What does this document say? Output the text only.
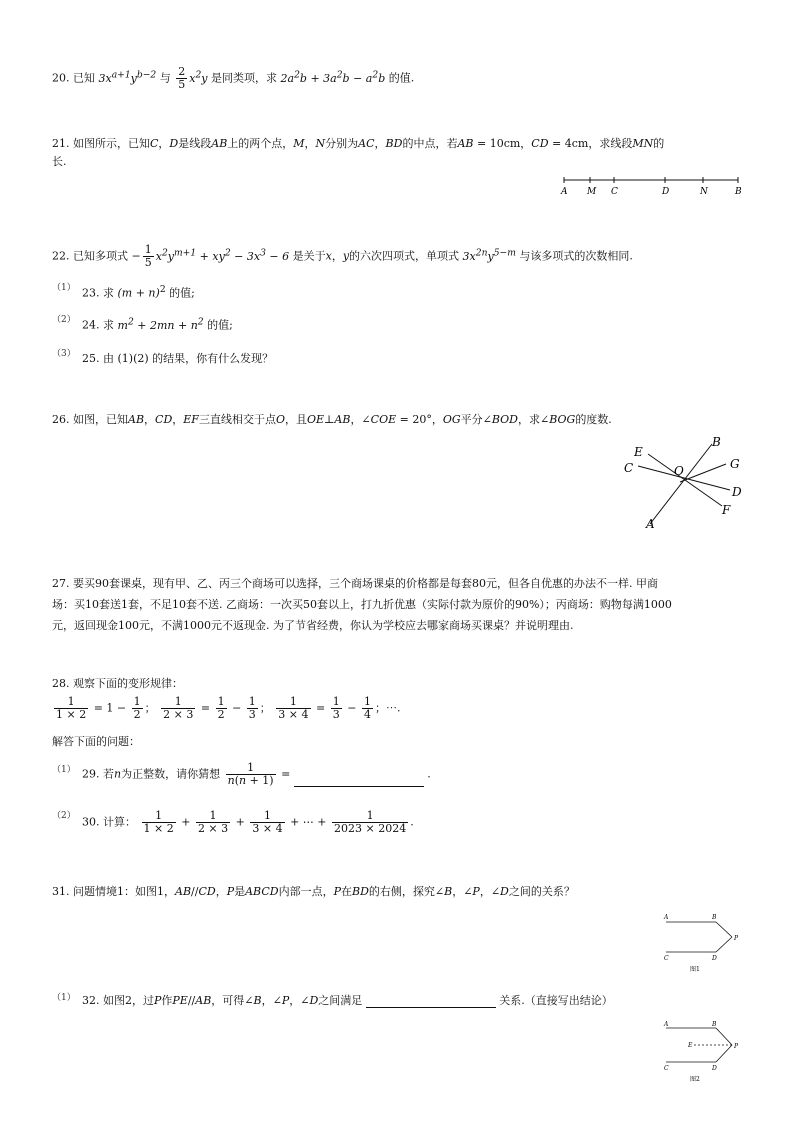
20. 已知 $3x^{a+1}y^{b-2}$ 与 $\frac{2}{5} x^2y$ 是同类项，求 $2a^2b + 3a^2b - a^2b$ 的值.
21. 如图所示，已知C，D是线段AB上的两个点，M，N分别为AC，BD的中点，若AB = 10cm，CD = 4cm，求线段MN的
长.
A M C	D	N	B
22. 已知多项式 − $\frac{1}{5} x^2y^{m+1} + xy^2 - 3x^3 - 6$ 是关于x，y的六次四项式，单项式 $3x^{2n}y^{5-m}$ 与该多项式的次数相同.
（1） 23. 求 $(m + n)^2$ 的值;
（2） 24. 求 $m^2 + 2mn + n^2$ 的值;
（3） 25. 由 (1)(2) 的结果，你有什么发现？
26. 如图，已知AB，CD，EF三直线相交于点O，且OE⊥AB，∠COE = 20°，OG平分∠BOD，求∠BOG的度数.
E
B
C	O	G
D
A
F
27. 要买90套课桌，现有甲、乙、丙三个商场可以选择，三个商场课桌的价格都是每套80元，但各自优惠的办法不一样. 甲商
场：买10套送1套，不足10套不送. 乙商场：一次买50套以上，打九折优惠（实际付款为原价的90%）；丙商场：购物每满1000
元，返回现金100元，不满1000元不返现金. 为了节省经费，你认为学校应去哪家商场买课桌？并说明理由.
28. 观察下面的变形规律：
$\frac{1}{1 \times 2} = 1 - \frac{1}{2}$ ； $\frac{1}{2 \times 3} = \frac{1}{2} - \frac{1}{3}$ ； $\frac{1}{3 \times 4} = \frac{1}{3} - \frac{1}{4}$ ；⋯.
解答下面的问题：
（1） 29. 若n为正整数，请你猜想 $\frac{1}{n(n + 1)}$ =	.
（2） 30. 计算： $\frac{1}{1 \times 2} + \frac{1}{2 \times 3} + \frac{1}{3 \times 4}$ + ⋯ + $\frac{1}{2023 \times 2024}$ .
31. 问题情境1：如图1，AB//CD，P是ABCD内部一点，P在BD的右侧，探究∠B，∠P，∠D之间的关系？
A	B
P
C	D
图1
（1） 32. 如图2，过P作PE//AB，可得∠B，∠P，∠D之间满足	关系.（直接写出结论）
A	B
E	P
C	D
图2
